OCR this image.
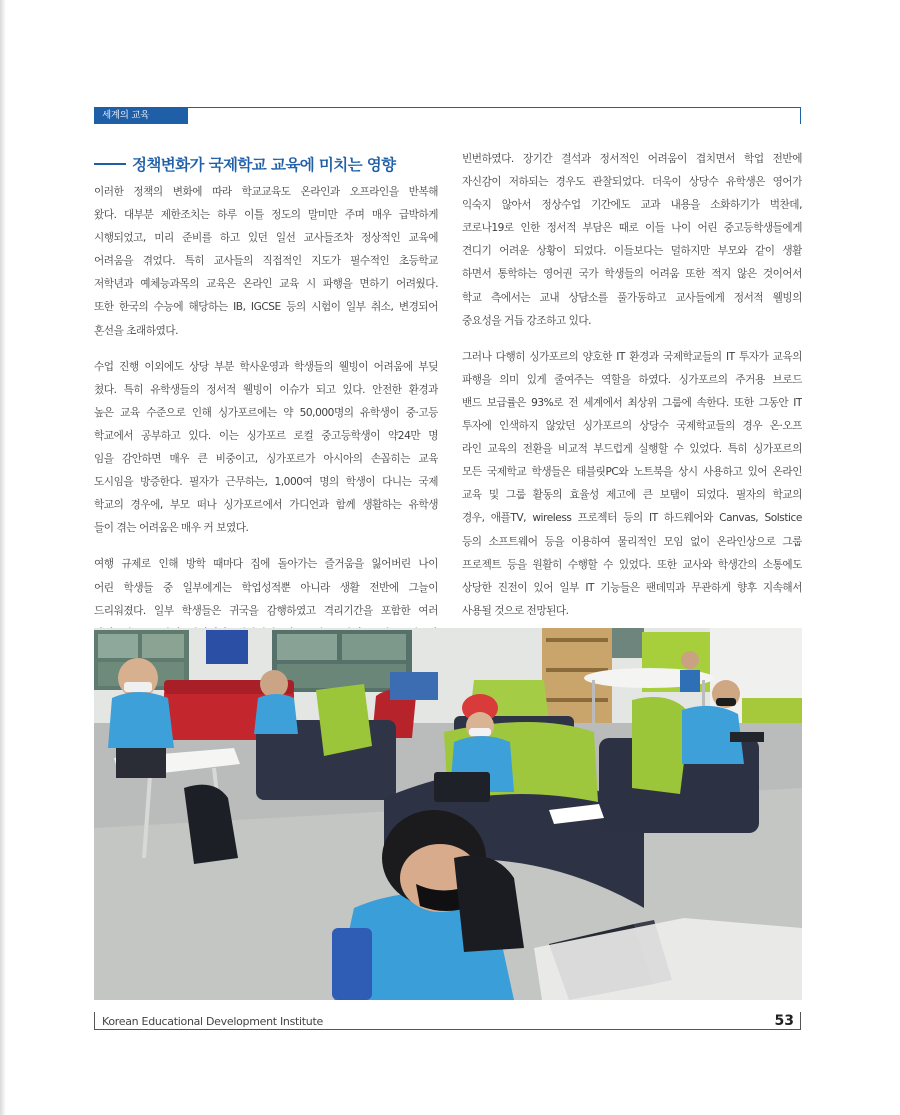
세계의 교육
정책변화가 국제학교 교육에 미치는 영향
이러한 정책의 변화에 따라 학교교육도 온라인과 오프라인을 반복해
왔다. 대부분 제한조치는 하루 이틀 정도의 말미만 주며 매우 급박하게
시행되었고, 미리 준비를 하고 있던 일선 교사들조차 정상적인 교육에
어려움을 겪었다. 특히 교사들의 직접적인 지도가 필수적인 초등학교
저학년과 예체능과목의 교육은 온라인 교육 시 파행을 면하기 어려웠다.
또한 한국의 수능에 해당하는 IB, IGCSE 등의 시험이 일부 취소, 변경되어
혼선을 초래하였다.
수업 진행 이외에도 상당 부분 학사운영과 학생들의 웰빙이 어려움에 부딪
쳤다. 특히 유학생들의 정서적 웰빙이 이슈가 되고 있다. 안전한 환경과
높은 교육 수준으로 인해 싱가포르에는 약 50,000명의 유학생이 중·고등
학교에서 공부하고 있다. 이는 싱가포르 로컬 중고등학생이 약24만 명
임을 감안하면 매우 큰 비중이고, 싱가포르가 아시아의 손꼽히는 교육
도시임을 방증한다. 필자가 근무하는, 1,000여 명의 학생이 다니는 국제
학교의 경우에, 부모 떠나 싱가포르에서 가디언과 함께 생활하는 유학생
들이 겪는 어려움은 매우 커 보였다.
여행 규제로 인해 방학 때마다 집에 돌아가는 즐거움을 잃어버린 나이
어린 학생들 중 일부에게는 학업성적뿐 아니라 생활 전반에 그늘이
드리워졌다. 일부 학생들은 귀국을 감행하였고 격리기간을 포함한 여러
빈번하였다. 장기간 결석과 정서적인 어려움이 겹치면서 학업 전반에
자신감이 저하되는 경우도 관찰되었다. 더욱이 상당수 유학생은 영어가
익숙지 않아서 정상수업 기간에도 교과 내용을 소화하기가 벅찬데,
코로나19로 인한 정서적 부담은 때로 이들 나이 어린 중고등학생들에게
견디기 어려운 상황이 되었다. 이들보다는 덜하지만 부모와 같이 생활
하면서 통학하는 영어권 국가 학생들의 어려움 또한 적지 않은 것이어서
학교 측에서는 교내 상담소를 풀가동하고 교사들에게 정서적 웰빙의
중요성을 거듭 강조하고 있다.
그러나 다행히 싱가포르의 양호한 IT 환경과 국제학교들의 IT 투자가 교육의
파행을 의미 있게 줄여주는 역할을 하였다. 싱가포르의 주거용 브로드
밴드 보급률은 93%로 전 세계에서 최상위 그룹에 속한다. 또한 그동안 IT
투자에 인색하지 않았던 싱가포르의 상당수 국제학교들의 경우 온·오프
라인 교육의 전환을 비교적 부드럽게 실행할 수 있었다. 특히 싱가포르의
모든 국제학교 학생들은 태블릿PC와 노트북을 상시 사용하고 있어 온라인
교육 및 그룹 활동의 효율성 제고에 큰 보탬이 되었다. 필자의 학교의
경우, 애플TV, wireless 프로젝터 등의 IT 하드웨어와 Canvas, Solstice
등의 소프트웨어 등을 이용하여 물리적인 모임 없이 온라인상으로 그룹
프로젝트 등을 원활히 수행할 수 있었다. 또한 교사와 학생간의 소통에도
상당한 진전이 있어 일부 IT 기능들은 팬데믹과 무관하게 향후 지속해서
사용될 것으로 전망된다.
Korean Educational Development Institute	53
